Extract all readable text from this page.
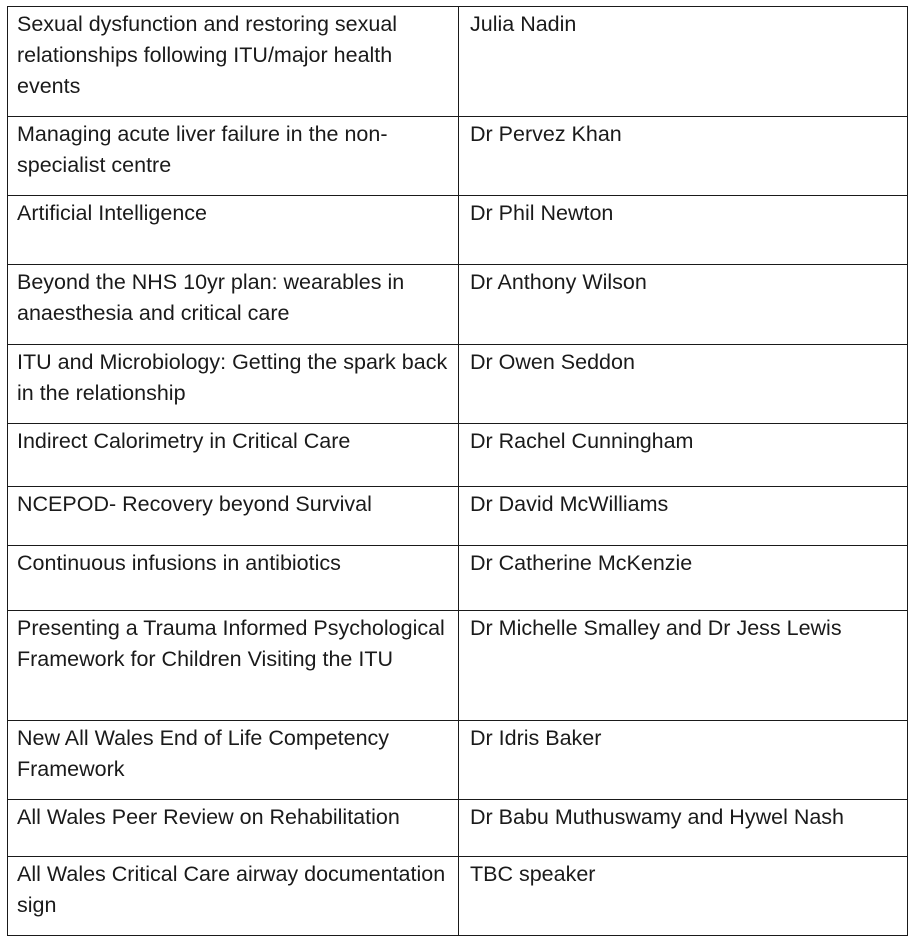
Sexual dysfunction and restoring sexual relationships following ITU/major health events	Julia Nadin
Managing acute liver failure in the non-specialist centre	Dr Pervez Khan
Artificial Intelligence	Dr Phil Newton
Beyond the NHS 10yr plan: wearables in anaesthesia and critical care	Dr Anthony Wilson
ITU and Microbiology: Getting the spark back in the relationship	Dr Owen Seddon
Indirect Calorimetry in Critical Care	Dr Rachel Cunningham
NCEPOD- Recovery beyond Survival	Dr David McWilliams
Continuous infusions in antibiotics	Dr Catherine McKenzie
Presenting a Trauma Informed Psychological Framework for Children Visiting the ITU	Dr Michelle Smalley and Dr Jess Lewis
New All Wales End of Life Competency Framework	Dr Idris Baker
All Wales Peer Review on Rehabilitation	Dr Babu Muthuswamy and Hywel Nash
All Wales Critical Care airway documentation sign	TBC speaker
